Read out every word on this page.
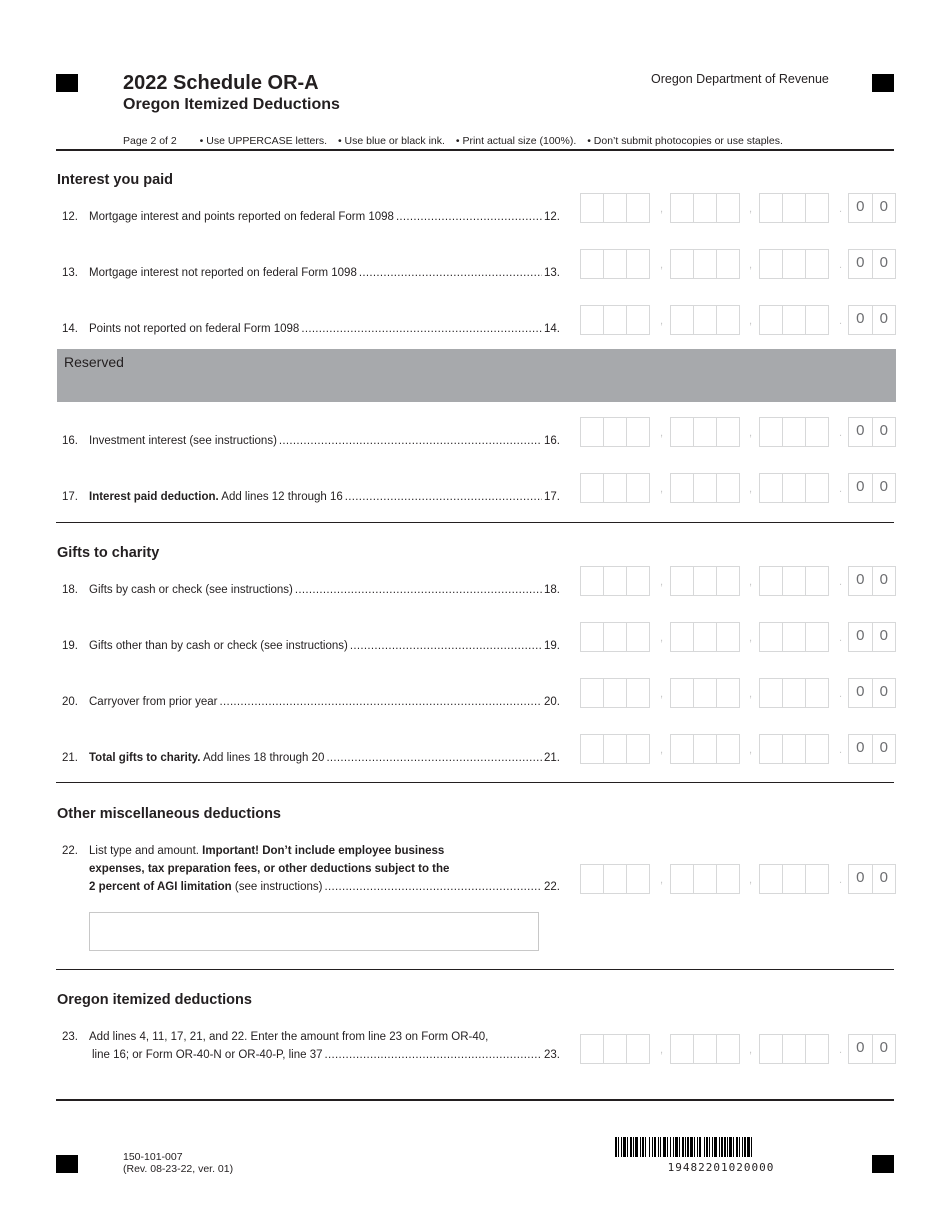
2022 Schedule OR-A
Oregon Itemized Deductions
Oregon Department of Revenue
Page 2 of 2 • Use UPPERCASE letters. • Use blue or black ink. • Print actual size (100%). • Don’t submit photocopies or use staples.
Interest you paid
12. Mortgage interest and points reported on federal Form 1098 .....	12.
,	,	. 0	0
13. Mortgage interest not reported on federal Form 1098 .....	13.
,	,	. 0	0
14. Points not reported on federal Form 1098 .....	14.
,	,	. 0	0
Reserved
16. Investment interest (see instructions) .....	16.
,	,	. 0	0
17. Interest paid deduction. Add lines 12 through 16 .....	17.
,	,	. 0	0
Gifts to charity
18. Gifts by cash or check (see instructions) .....	18.
,	,	. 0	0
19. Gifts other than by cash or check (see instructions) .....	19.
,	,	. 0	0
20. Carryover from prior year .....	20.
,	,	. 0	0
21. Total gifts to charity. Add lines 18 through 20 .....	21.
,	,	. 0	0
Other miscellaneous deductions
22. List type and amount. Important! Don’t include employee business
expenses, tax preparation fees, or other deductions subject to the
2 percent of AGI limitation (see instructions) .....	22.
,	,	. 0	0
Oregon itemized deductions
23. Add lines 4, 11, 17, 21, and 22. Enter the amount from line 23 on Form OR-40,
line 16; or Form OR-40-N or OR-40-P, line 37 .....	23.	,	,	. 0	0
150-101-007
(Rev. 08-23-22, ver. 01)	19482201020000
